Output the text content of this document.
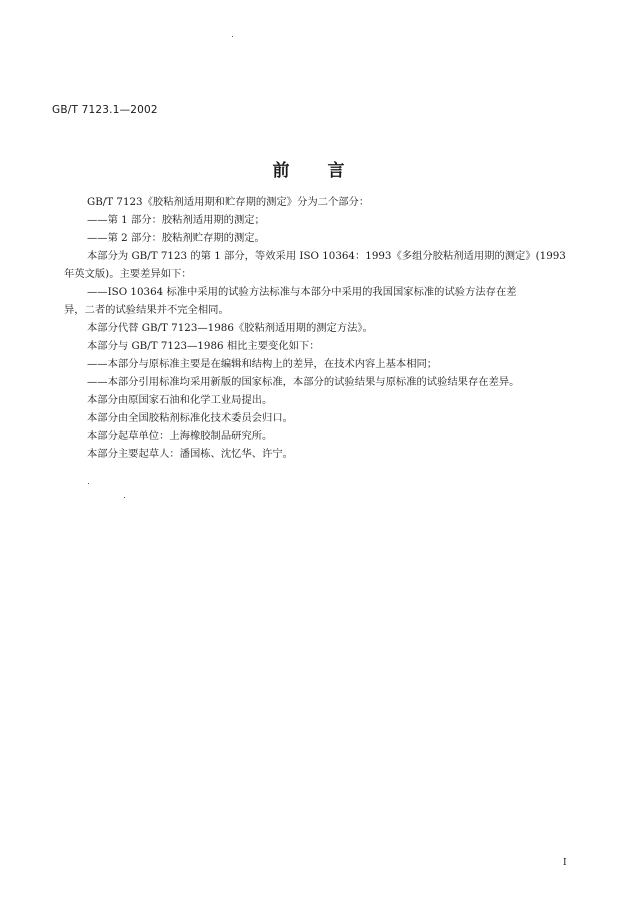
GB/T 7123.1—2002
前言
GB/T 7123《胶粘剂适用期和贮存期的测定》分为二个部分：
——第 1 部分：胶粘剂适用期的测定；
——第 2 部分：胶粘剂贮存期的测定。
本部分为 GB/T 7123 的第 1 部分，等效采用 ISO 10364：1993《多组分胶粘剂适用期的测定》(1993
年英文版)。主要差异如下：
——ISO 10364 标准中采用的试验方法标准与本部分中采用的我国国家标准的试验方法存在差
异，二者的试验结果并不完全相同。
本部分代替 GB/T 7123—1986《胶粘剂适用期的测定方法》。
本部分与 GB/T 7123—1986 相比主要变化如下：
——本部分与原标准主要是在编辑和结构上的差异，在技术内容上基本相同；
——本部分引用标准均采用新版的国家标准，本部分的试验结果与原标准的试验结果存在差异。
本部分由原国家石油和化学工业局提出。
本部分由全国胶粘剂标准化技术委员会归口。
本部分起草单位：上海橡胶制品研究所。
本部分主要起草人：潘国栋、沈忆华、许宁。
I
